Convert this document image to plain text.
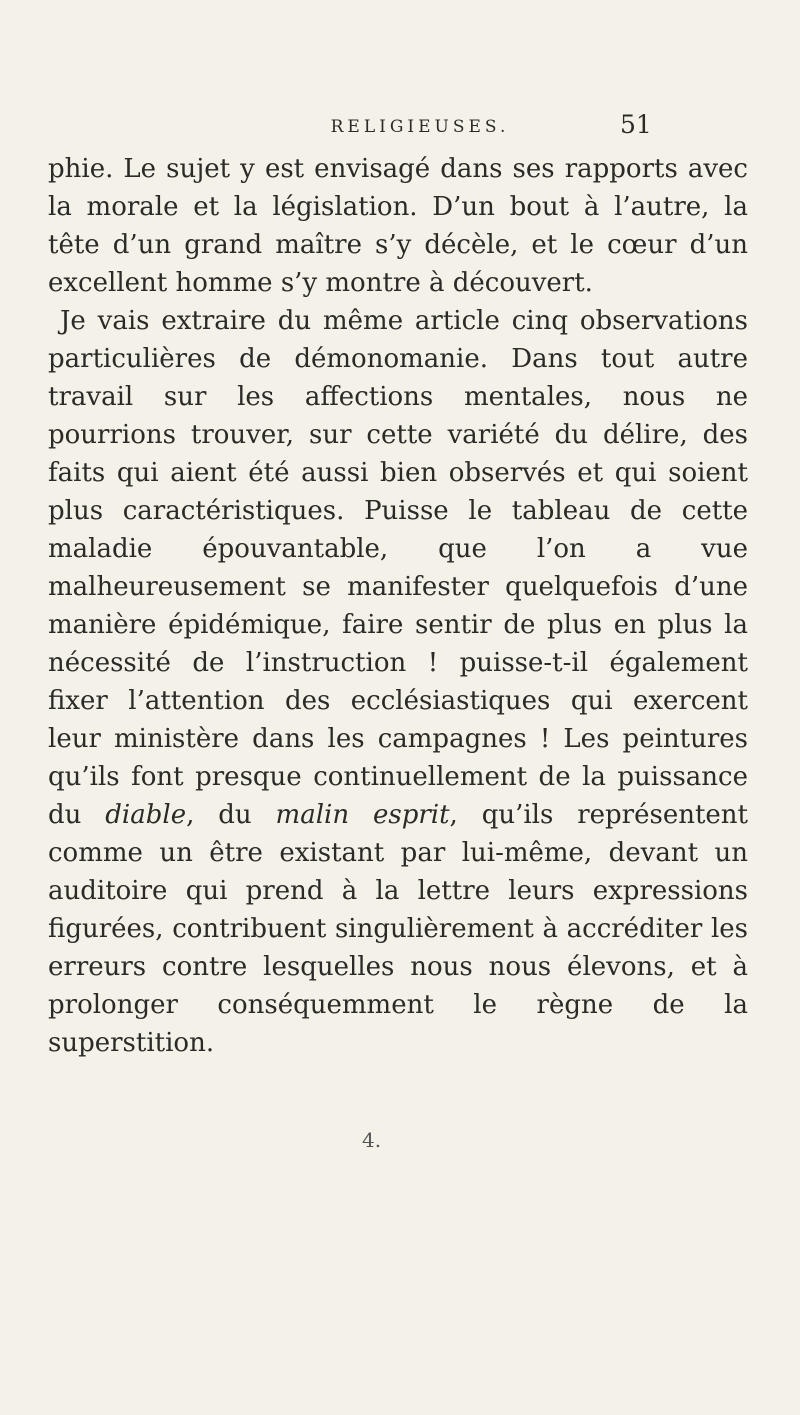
RELIGIEUSES.	51

phie. Le sujet y est envisagé dans ses rapports avec la morale et la législation. D’un bout à l’autre, la tête d’un grand maître s’y décèle, et le cœur d’un excellent homme s’y montre à découvert.

Je vais extraire du même article cinq observations particulières de démonomanie. Dans tout autre travail sur les affections mentales, nous ne pourrions trouver, sur cette variété du délire, des faits qui aient été aussi bien observés et qui soient plus caractéristiques. Puisse le tableau de cette maladie épouvantable, que l’on a vue malheureusement se manifester quelquefois d’une manière épidémique, faire sentir de plus en plus la nécessité de l’instruction ! puisse-t-il également fixer l’attention des ecclésiastiques qui exercent leur ministère dans les campagnes ! Les peintures qu’ils font presque continuellement de la puissance du diable, du malin esprit, qu’ils représentent comme un être existant par lui-même, devant un auditoire qui prend à la lettre leurs expressions figurées, contribuent singulièrement à accréditer les erreurs contre lesquelles nous nous élevons, et à prolonger conséquemment le règne de la superstition.

4.
